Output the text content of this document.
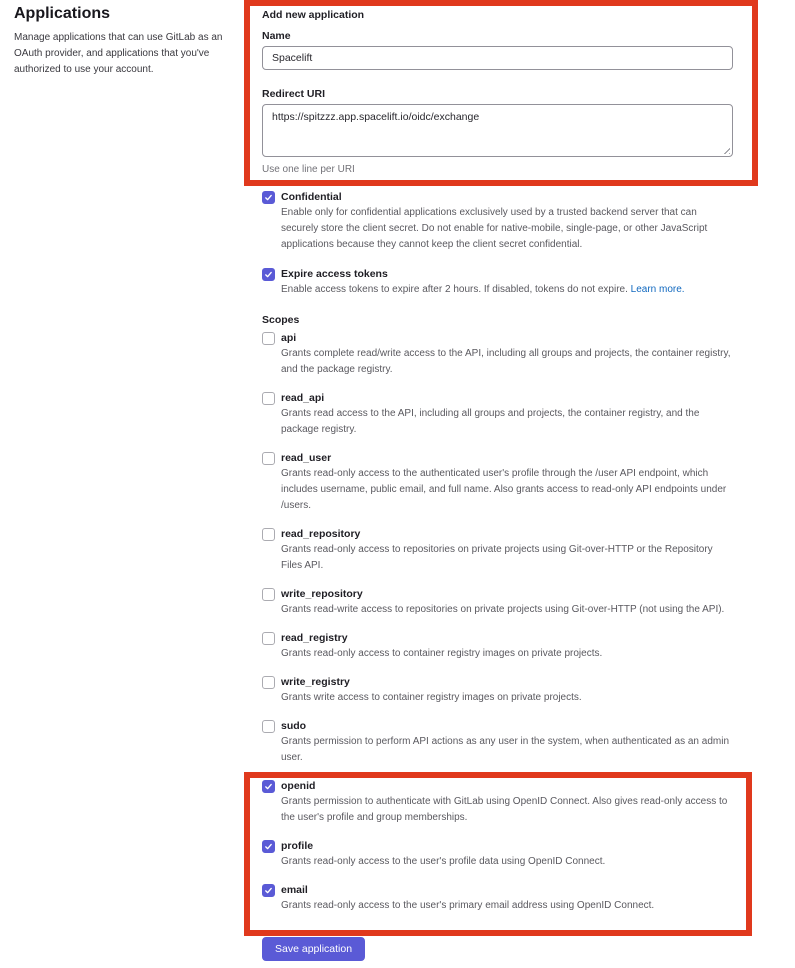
Applications

Manage applications that can use GitLab as an OAuth provider, and applications that you've authorized to use your account.

Add new application
Name
Spacelift
Redirect URI
https://spitzzz.app.spacelift.io/oidc/exchange
Use one line per URI
Confidential
Enable only for confidential applications exclusively used by a trusted backend server that can securely store the client secret. Do not enable for native-mobile, single-page, or other JavaScript applications because they cannot keep the client secret confidential.
Expire access tokens
Enable access tokens to expire after 2 hours. If disabled, tokens do not expire. Learn more.
Scopes
api
Grants complete read/write access to the API, including all groups and projects, the container registry, and the package registry.
read_api
Grants read access to the API, including all groups and projects, the container registry, and the package registry.
read_user
Grants read-only access to the authenticated user's profile through the /user API endpoint, which includes username, public email, and full name. Also grants access to read-only API endpoints under /users.
read_repository
Grants read-only access to repositories on private projects using Git-over-HTTP or the Repository Files API.
write_repository
Grants read-write access to repositories on private projects using Git-over-HTTP (not using the API).
read_registry
Grants read-only access to container registry images on private projects.
write_registry
Grants write access to container registry images on private projects.
sudo
Grants permission to perform API actions as any user in the system, when authenticated as an admin user.
openid
Grants permission to authenticate with GitLab using OpenID Connect. Also gives read-only access to the user's profile and group memberships.
profile
Grants read-only access to the user's profile data using OpenID Connect.
email
Grants read-only access to the user's primary email address using OpenID Connect.
Save application
